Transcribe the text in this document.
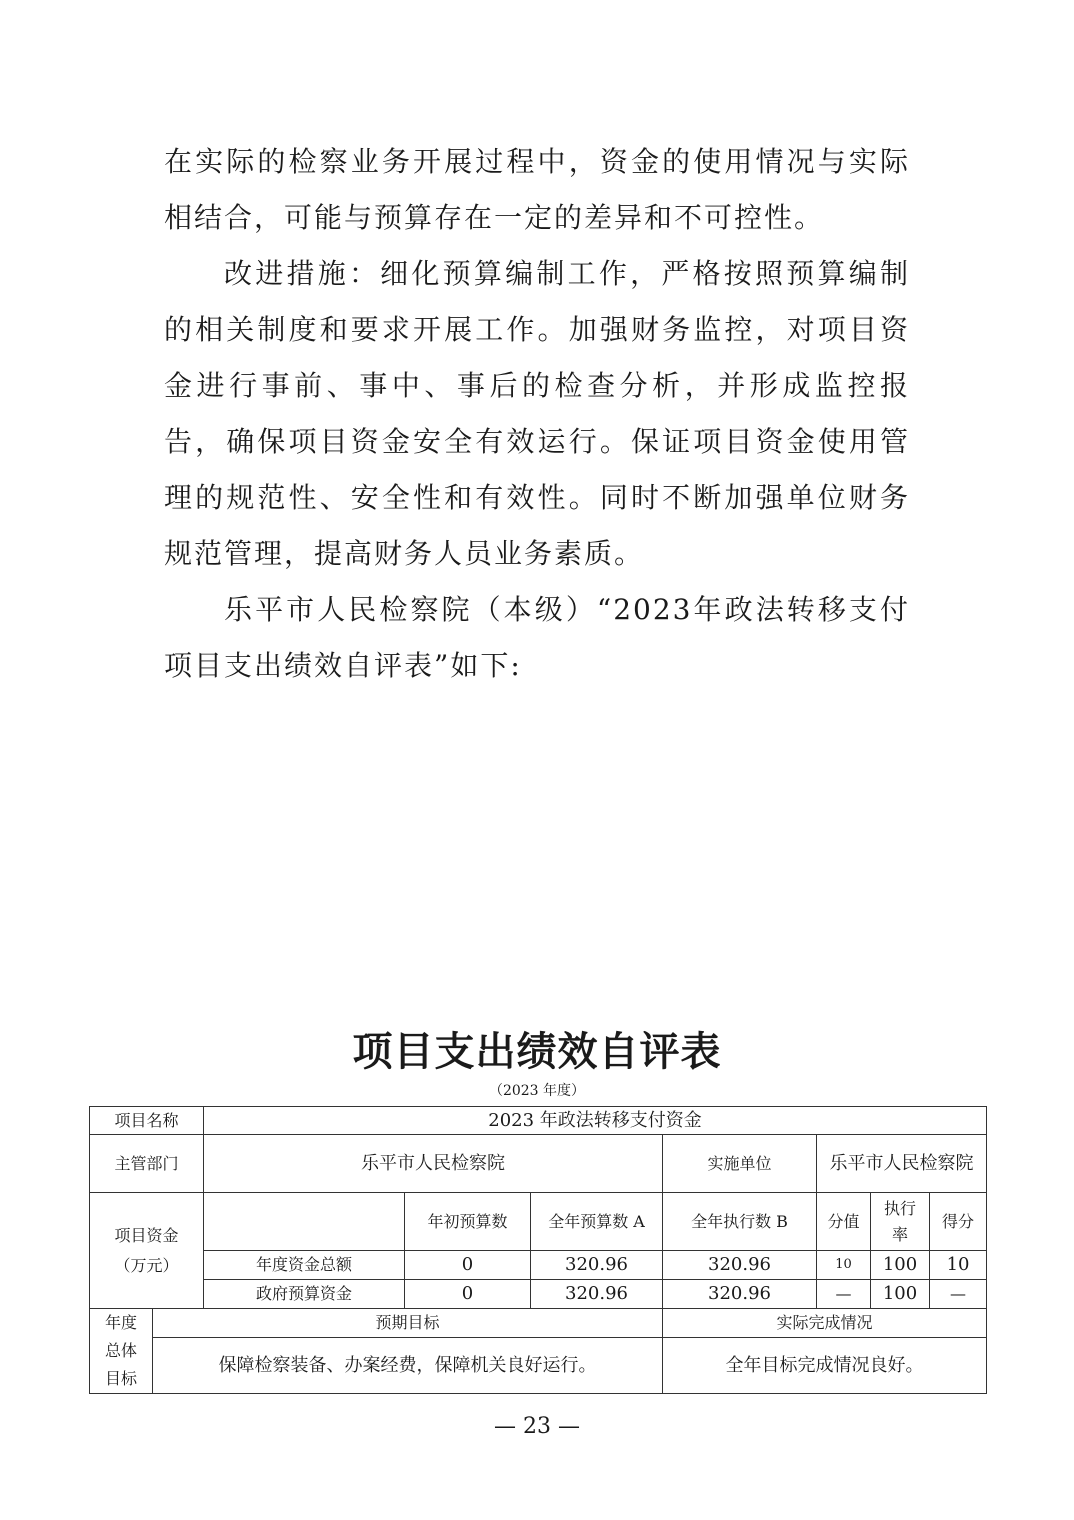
在实际的检察业务开展过程中，资金的使用情况与实际相结合，可能与预算存在一定的差异和不可控性。

改进措施：细化预算编制工作，严格按照预算编制的相关制度和要求开展工作。加强财务监控，对项目资金进行事前、事中、事后的检查分析，并形成监控报告，确保项目资金安全有效运行。保证项目资金使用管理的规范性、安全性和有效性。同时不断加强单位财务规范管理，提高财务人员业务素质。

乐平市人民检察院（本级）“2023年政法转移支付项目支出绩效自评表”如下:

项目支出绩效自评表
（2023 年度）
项目名称		2023 年政法转移支付资金						
主管部门		乐平市人民检察院			实施单位	乐平市人民检察院		
项目资金
（万元）			年初预算数	全年预算数 A	全年执行数 B	分值	执行率	得分
		年度资金总额	0	320.96	320.96	10	100	10
		政府预算资金	0	320.96	320.96	—	100	—
年度
总体
目标	预期目标				实际完成情况			
	保障检察装备、办案经费，保障机关良好运行。				全年目标完成情况良好。			
— 23 —
